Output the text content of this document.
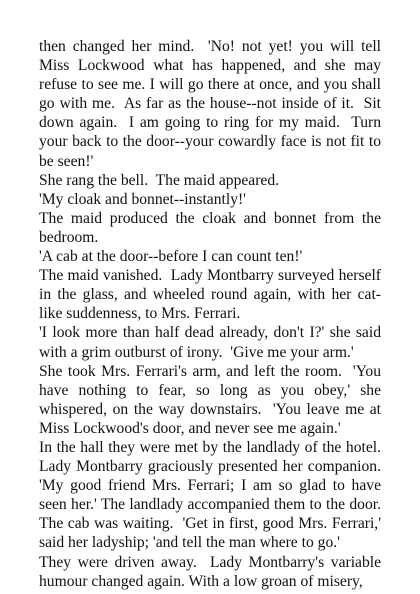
then changed her mind.  'No! not yet! you will tell Miss Lockwood what has happened, and she may refuse to see me. I will go there at once, and you shall go with me.  As far as the house--not inside of it.  Sit down again.  I am going to ring for my maid.  Turn your back to the door--your cowardly face is not fit to be seen!'

She rang the bell.  The maid appeared.

'My cloak and bonnet--instantly!'

The maid produced the cloak and bonnet from the bedroom.

'A cab at the door--before I can count ten!'

The maid vanished.  Lady Montbarry surveyed herself in the glass, and wheeled round again, with her cat-like suddenness, to Mrs. Ferrari.

'I look more than half dead already, don't I?' she said with a grim outburst of irony.  'Give me your arm.'

She took Mrs. Ferrari's arm, and left the room.  'You have nothing to fear, so long as you obey,' she whispered, on the way downstairs.  'You leave me at Miss Lockwood's door, and never see me again.'

In the hall they were met by the landlady of the hotel. Lady Montbarry graciously presented her companion. 'My good friend Mrs. Ferrari; I am so glad to have seen her.' The landlady accompanied them to the door. The cab was waiting.  'Get in first, good Mrs. Ferrari,' said her ladyship; 'and tell the man where to go.'

They were driven away.  Lady Montbarry's variable humour changed again. With a low groan of misery,
